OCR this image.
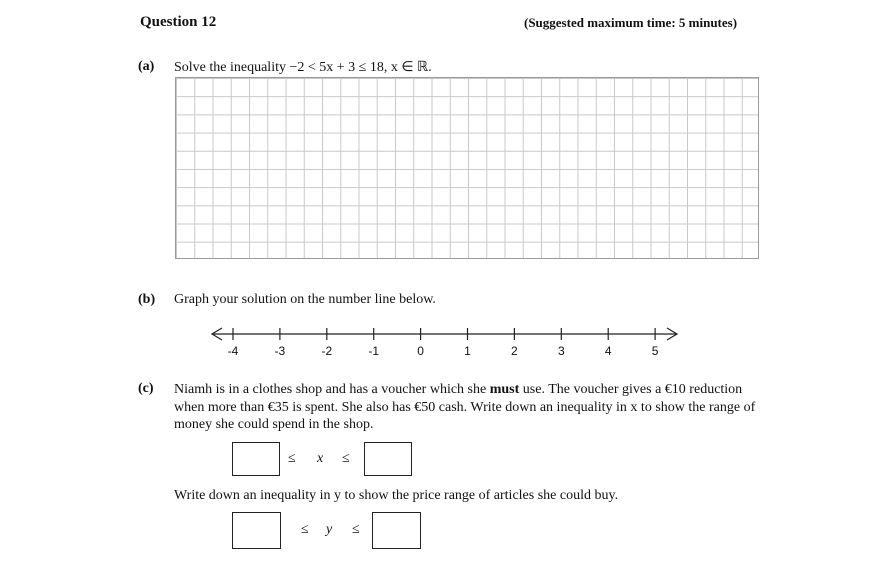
Question 12	(Suggested maximum time: 5 minutes)
(a) Solve the inequality −2 < 5x + 3 ≤ 18, x ∈ ℝ.
(b) Graph your solution on the number line below.
-4	-3	-2	-1	0	1	2	3	4	5
(c) Niamh is in a clothes shop and has a voucher which she must use. The voucher gives a €10 reduction when more than €35 is spent. She also has €50 cash. Write down an inequality in x to show the range of money she could spend in the shop.
≤ x ≤
Write down an inequality in y to show the price range of articles she could buy.
≤ y ≤
